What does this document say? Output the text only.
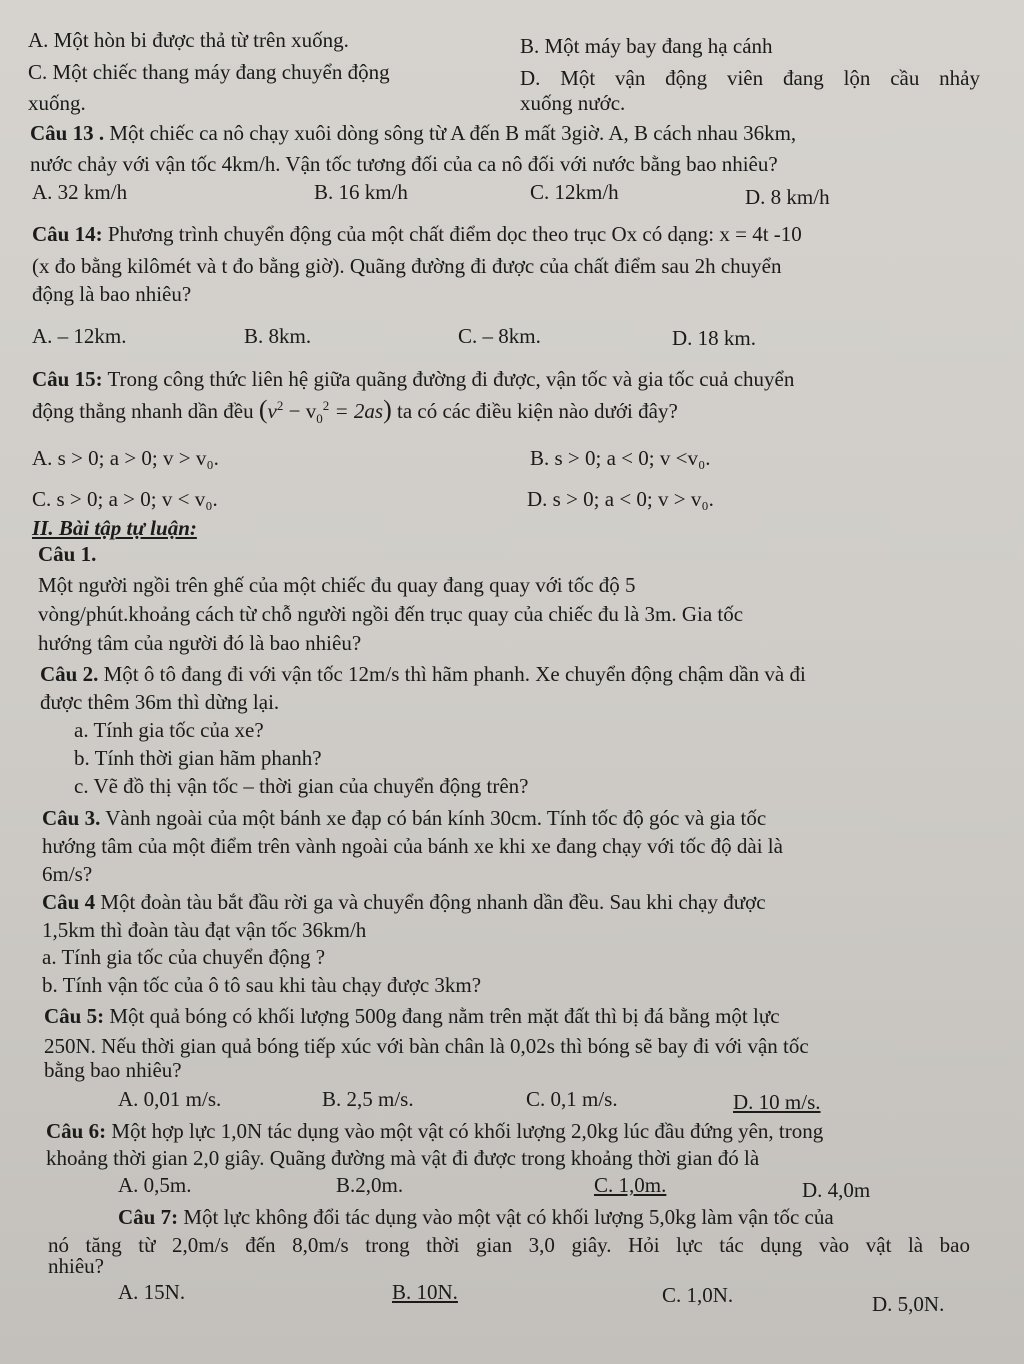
A. Một hòn bi được thả từ trên xuống.	B. Một máy bay đang hạ cánh
C. Một chiếc thang máy đang chuyển động	D. Một vận động viên đang lộn cầu nhảy
xuống.	xuống nước.
Câu 13 . Một chiếc ca nô chạy xuôi dòng sông từ A đến B mất 3giờ. A, B cách nhau 36km,
nước chảy với vận tốc 4km/h. Vận tốc tương đối của ca nô đối với nước bằng bao nhiêu?
A. 32 km/h	B. 16 km/h	C. 12km/h	D. 8 km/h
Câu 14: Phương trình chuyển động của một chất điểm dọc theo trục Ox có dạng: x = 4t -10
(x đo bằng kilômét và t đo bằng giờ). Quãng đường đi được của chất điểm sau 2h chuyển
động là bao nhiêu?
A. – 12km.	B. 8km.	C. – 8km.	D. 18 km.
Câu 15: Trong công thức liên hệ giữa quãng đường đi được, vận tốc và gia tốc cuả chuyển
động thẳng nhanh dần đều $(v^2 - v_0^2 = 2as)$ ta có các điều kiện nào dưới đây?
A. s > 0; a > 0; v > v₀.	B. s > 0; a < 0; v <v₀.
C. s > 0; a > 0; v < v₀.	D. s > 0; a < 0; v > v₀.
II. Bài tập tự luận:
Câu 1.
Một người ngồi trên ghế của một chiếc đu quay đang quay với tốc độ 5
vòng/phút.khoảng cách từ chỗ người ngồi đến trục quay của chiếc đu là 3m. Gia tốc
hướng tâm của người đó là bao nhiêu?
Câu 2. Một ô tô đang đi với vận tốc 12m/s thì hãm phanh. Xe chuyển động chậm dần và đi
được thêm 36m thì dừng lại.
a. Tính gia tốc của xe?
b. Tính thời gian hãm phanh?
c. Vẽ đồ thị vận tốc – thời gian của chuyển động trên?
Câu 3. Vành ngoài của một bánh xe đạp có bán kính 30cm. Tính tốc độ góc và gia tốc
hướng tâm của một điểm trên vành ngoài của bánh xe khi xe đang chạy với tốc độ dài là
6m/s?
Câu 4 Một đoàn tàu bắt đầu rời ga và chuyển động nhanh dần đều. Sau khi chạy được
1,5km thì đoàn tàu đạt vận tốc 36km/h
a. Tính gia tốc của chuyển động ?
b. Tính vận tốc của ô tô sau khi tàu chạy được 3km?
Câu 5: Một quả bóng có khối lượng 500g đang nằm trên mặt đất thì bị đá bằng một lực
250N. Nếu thời gian quả bóng tiếp xúc với bàn chân là 0,02s thì bóng sẽ bay đi với vận tốc
bằng bao nhiêu?
A. 0,01 m/s.	B. 2,5 m/s.	C. 0,1 m/s.	D. 10 m/s.
Câu 6: Một hợp lực 1,0N tác dụng vào một vật có khối lượng 2,0kg lúc đầu đứng yên, trong
khoảng thời gian 2,0 giây. Quãng đường mà vật đi được trong khoảng thời gian đó là
A. 0,5m.	B.2,0m.	C. 1,0m.	D. 4,0m
Câu 7: Một lực không đổi tác dụng vào một vật có khối lượng 5,0kg làm vận tốc của
nó tăng từ 2,0m/s đến 8,0m/s trong thời gian 3,0 giây. Hỏi lực tác dụng vào vật là bao
nhiêu?
A. 15N.	B. 10N.	C. 1,0N.	D. 5,0N.
